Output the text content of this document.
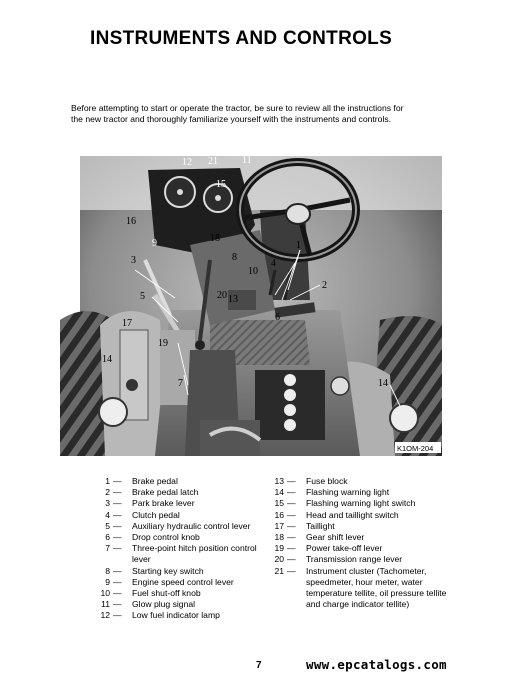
INSTRUMENTS AND CONTROLS
Before attempting to start or operate the tractor, be sure to review all the instructions for the new tractor and thoroughly familiarize yourself with the instruments and controls.
12 21 11
15
16
18
9	1
3	8
4
10
2
5	20 13
6
17
19
14
7	14
K1OM-204
1 —	Brake pedal
2 —	Brake pedal latch
3 —	Park brake lever
4 —	Clutch pedal
5 —	Auxiliary hydraulic control lever
6 —	Drop control knob
7 —	Three-point hitch position control lever
8 —	Starting key switch
9 —	Engine speed control lever
10 —	Fuel shut-off knob
11 —	Glow plug signal
12 —	Low fuel indicator lamp
13 —	Fuse block
14 —	Flashing warning light
15 —	Flashing warning light switch
16 —	Head and taillight switch
17 —	Taillight
18 —	Gear shift lever
19 —	Power take-off lever
20 —	Transmission range lever
21 —	Instrument cluster (Tachometer, speedmeter, hour meter, water temperature tellite, oil pressure tellite and charge indicator tellite)
7	www.epcatalogs.com
